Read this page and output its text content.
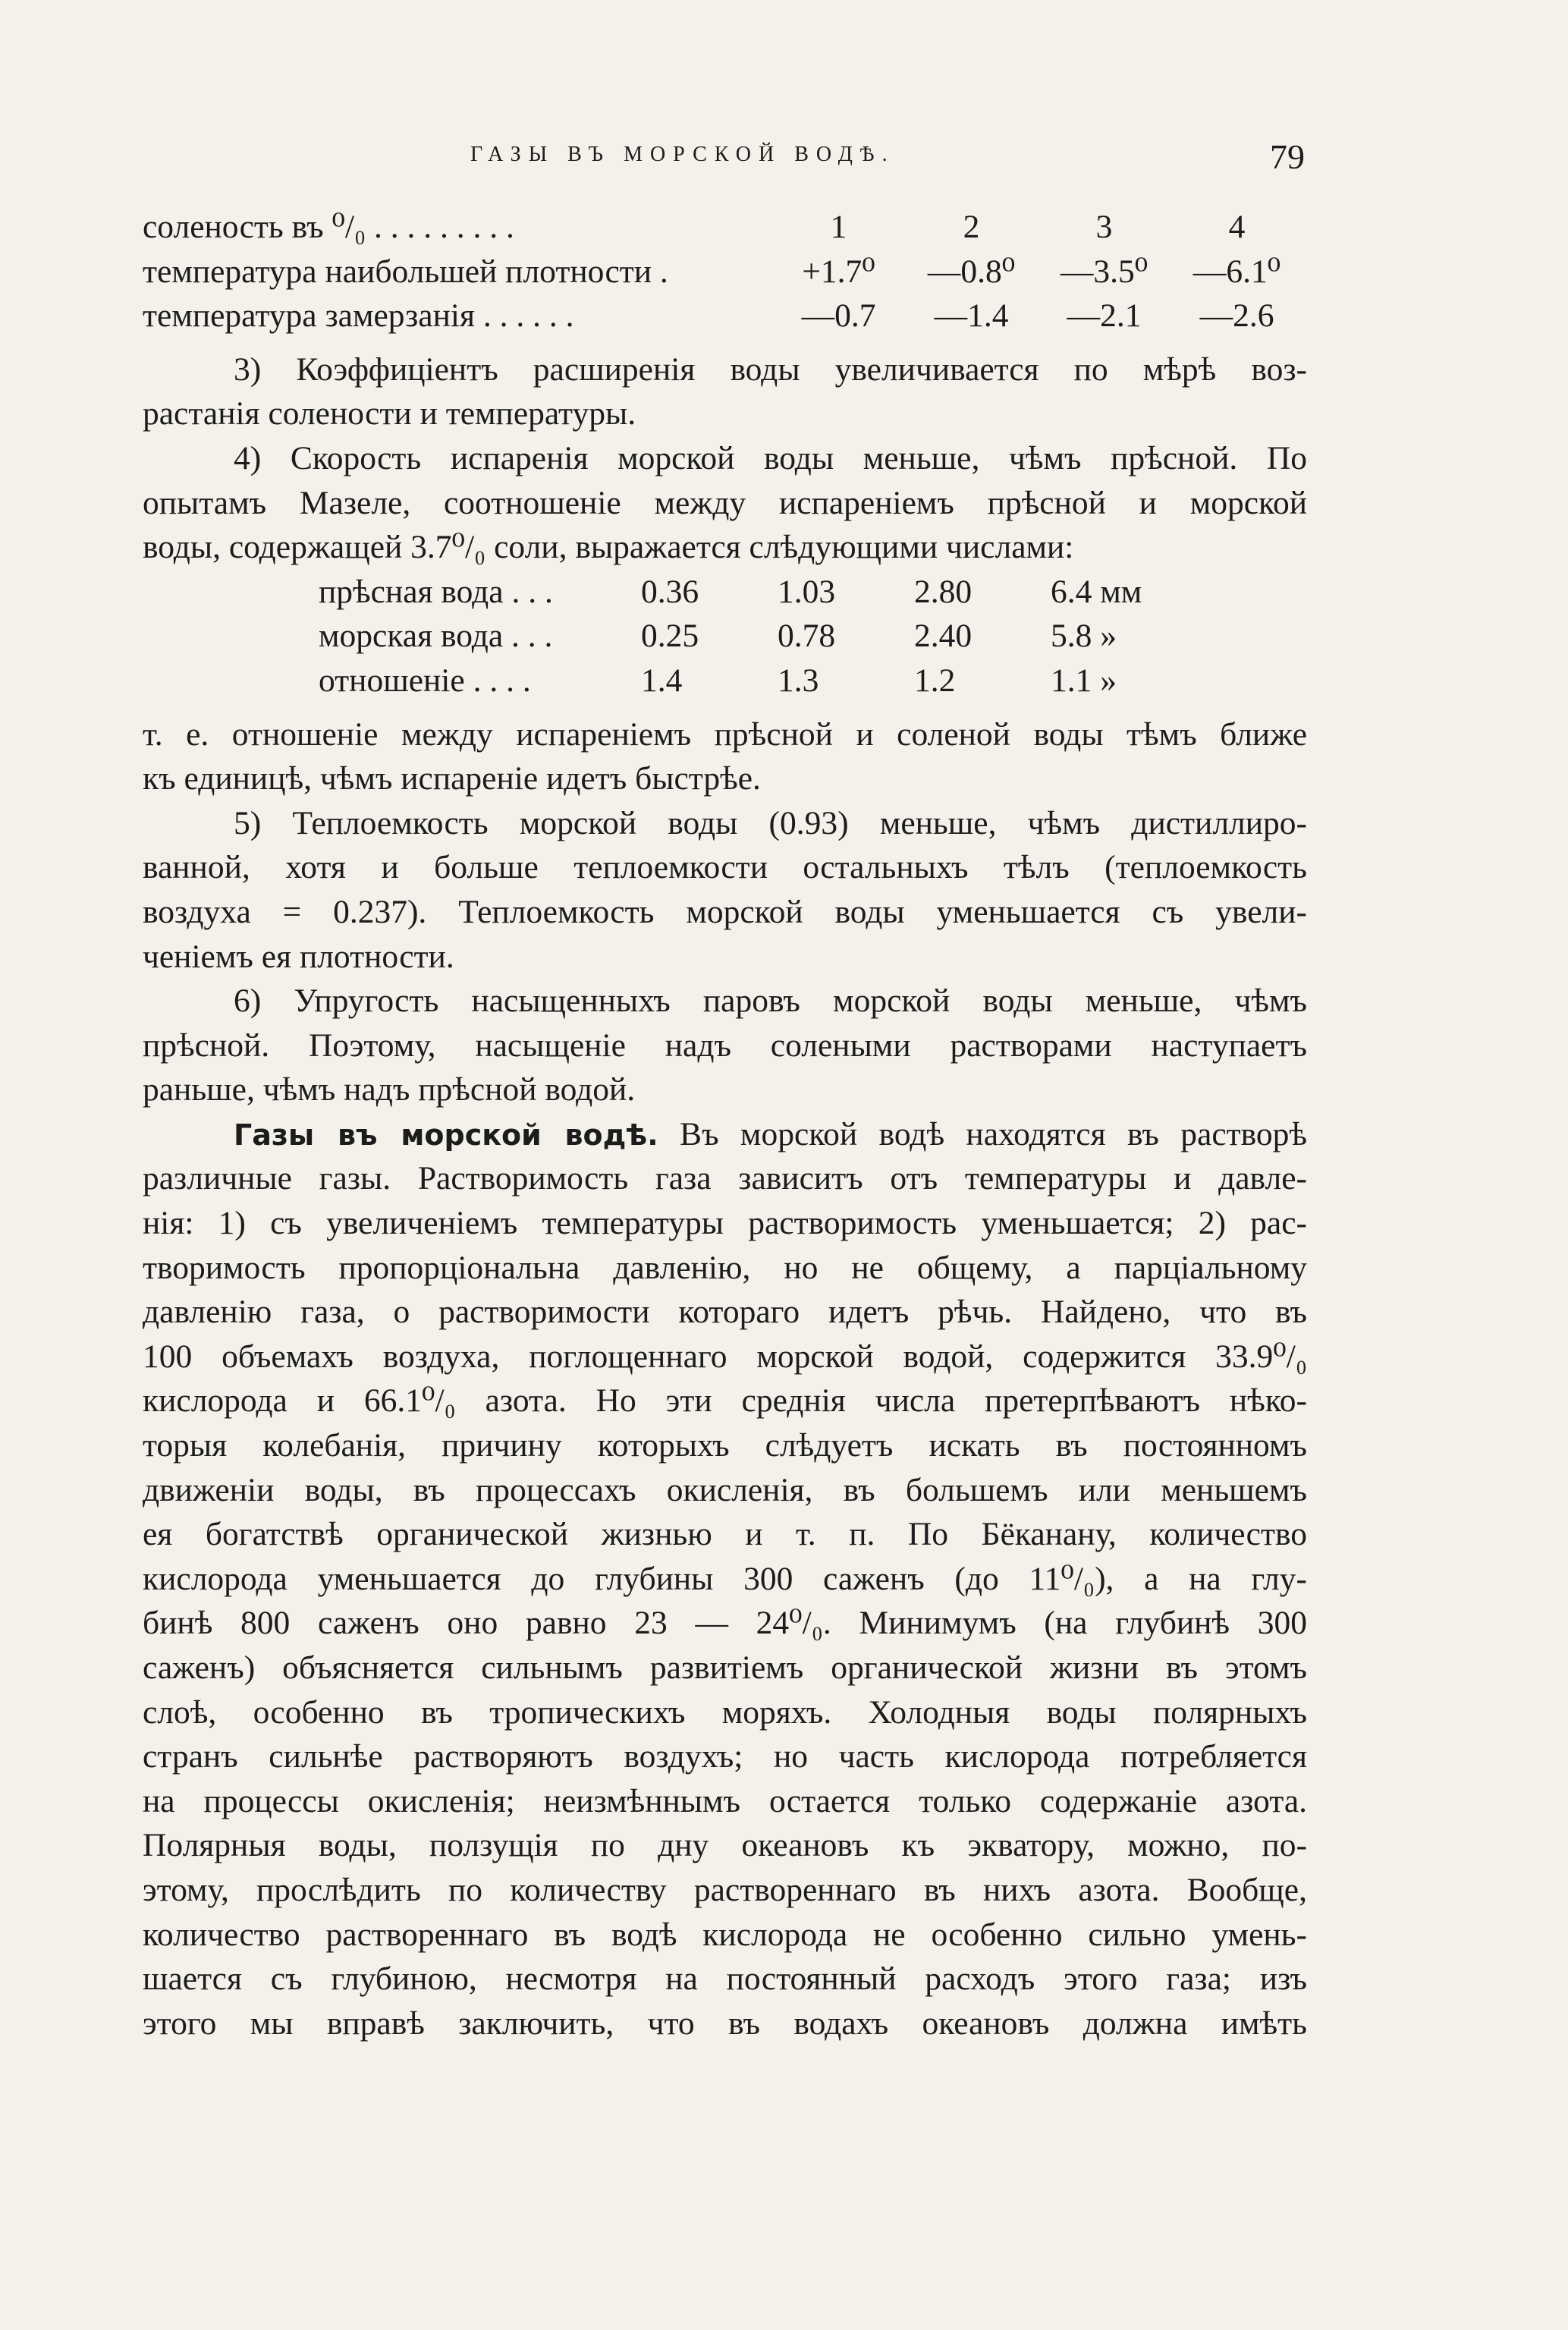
ГАЗЫ ВЪ МОРСКОЙ ВОДѢ.	79
соленость въ ⁰/₀ . . . . . . . . .	1	2	3	4
температура наибольшей плотности .	+1.7⁰	—0.8⁰	—3.5⁰	—6.1⁰
температура замерзанія . . . . . .	—0.7	—1.4	—2.1	—2.6
3) Коэффиціентъ расширенія воды увеличивается по мѣрѣ воз-
растанія солености и температуры.
4) Скорость испаренія морской воды меньше, чѣмъ прѣсной. По
опытамъ Мазеле, соотношеніе между испареніемъ прѣсной и морской
воды, содержащей 3.7⁰/₀ соли, выражается слѣдующими числами:
прѣсная вода . . .	0.36	1.03	2.80	6.4 мм
морская вода . . .	0.25	0.78	2.40	5.8 »
отношеніе . . . .	1.4	1.3	1.2	1.1 »
т. е. отношеніе между испареніемъ прѣсной и соленой воды тѣмъ ближе
къ единицѣ, чѣмъ испареніе идетъ быстрѣе.
5) Теплоемкость морской воды (0.93) меньше, чѣмъ дистиллиро-
ванной, хотя и больше теплоемкости остальныхъ тѣлъ (теплоемкость
воздуха = 0.237). Теплоемкость морской воды уменьшается съ увели-
ченіемъ ея плотности.
6) Упругость насыщенныхъ паровъ морской воды меньше, чѣмъ
прѣсной. Поэтому, насыщеніе надъ солеными растворами наступаетъ
раньше, чѣмъ надъ прѣсной водой.
Газы въ морской водѣ. Въ морской водѣ находятся въ растворѣ
различные газы. Растворимость газа зависитъ отъ температуры и давле-
нія: 1) съ увеличеніемъ температуры растворимость уменьшается; 2) рас-
творимость пропорціональна давленію, но не общему, а парціальному
давленію газа, о растворимости котораго идетъ рѣчь. Найдено, что въ
100 объемахъ воздуха, поглощеннаго морской водой, содержится 33.9⁰/₀
кислорода и 66.1⁰/₀ азота. Но эти среднія числа претерпѣваютъ нѣко-
торыя колебанія, причину которыхъ слѣдуетъ искать въ постоянномъ
движеніи воды, въ процессахъ окисленія, въ большемъ или меньшемъ
ея богатствѣ органической жизнью и т. п. По Бёканану, количество
кислорода уменьшается до глубины 300 саженъ (до 11⁰/₀), а на глу-
бинѣ 800 саженъ оно равно 23 — 24⁰/₀. Минимумъ (на глубинѣ 300
саженъ) объясняется сильнымъ развитіемъ органической жизни въ этомъ
слоѣ, особенно въ тропическихъ моряхъ. Холодныя воды полярныхъ
странъ сильнѣе растворяютъ воздухъ; но часть кислорода потребляется
на процессы окисленія; неизмѣннымъ остается только содержаніе азота.
Полярныя воды, ползущія по дну океановъ къ экватору, можно, по-
этому, прослѣдить по количеству раствореннаго въ нихъ азота. Вообще,
количество раствореннаго въ водѣ кислорода не особенно сильно умень-
шается съ глубиною, несмотря на постоянный расходъ этого газа; изъ
этого мы вправѣ заключить, что въ водахъ океановъ должна имѣть
